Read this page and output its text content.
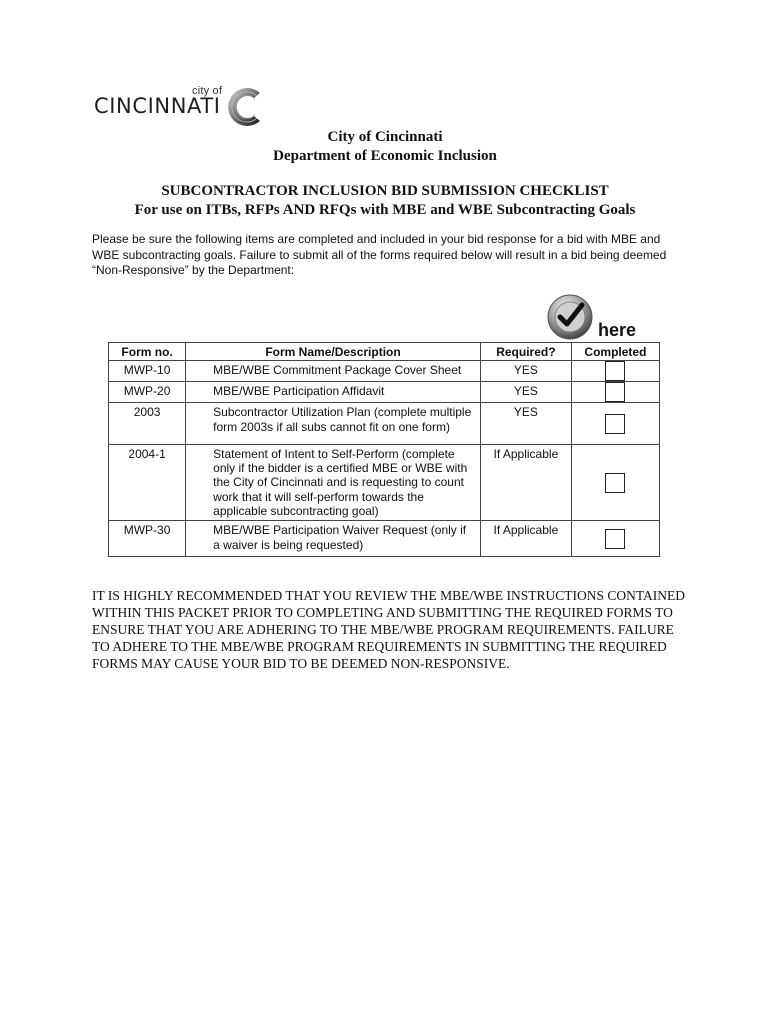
city of
CINCINNATI
City of Cincinnati
Department of Economic Inclusion
SUBCONTRACTOR INCLUSION BID SUBMISSION CHECKLIST
For use on ITBs, RFPs AND RFQs with MBE and WBE Subcontracting Goals
Please be sure the following items are completed and included in your bid response for a bid with MBE and WBE subcontracting goals. Failure to submit all of the forms required below will result in a bid being deemed “Non-Responsive” by the Department:
here
Form no.	Form Name/Description	Required?	Completed
MWP-10	MBE/WBE Commitment Package Cover Sheet	YES	
MWP-20	MBE/WBE Participation Affidavit	YES	
2003	Subcontractor Utilization Plan (complete multiple form 2003s if all subs cannot fit on one form)	YES	
2004-1	Statement of Intent to Self-Perform (complete only if the bidder is a certified MBE or WBE with the City of Cincinnati and is requesting to count work that it will self-perform towards the applicable subcontracting goal)	If Applicable	
MWP-30	MBE/WBE Participation Waiver Request (only if a waiver is being requested)	If Applicable	
IT IS HIGHLY RECOMMENDED THAT YOU REVIEW THE MBE/WBE INSTRUCTIONS CONTAINED WITHIN THIS PACKET PRIOR TO COMPLETING AND SUBMITTING THE REQUIRED FORMS TO ENSURE THAT YOU ARE ADHERING TO THE MBE/WBE PROGRAM REQUIREMENTS. FAILURE TO ADHERE TO THE MBE/WBE PROGRAM REQUIREMENTS IN SUBMITTING THE REQUIRED FORMS MAY CAUSE YOUR BID TO BE DEEMED NON-RESPONSIVE.
